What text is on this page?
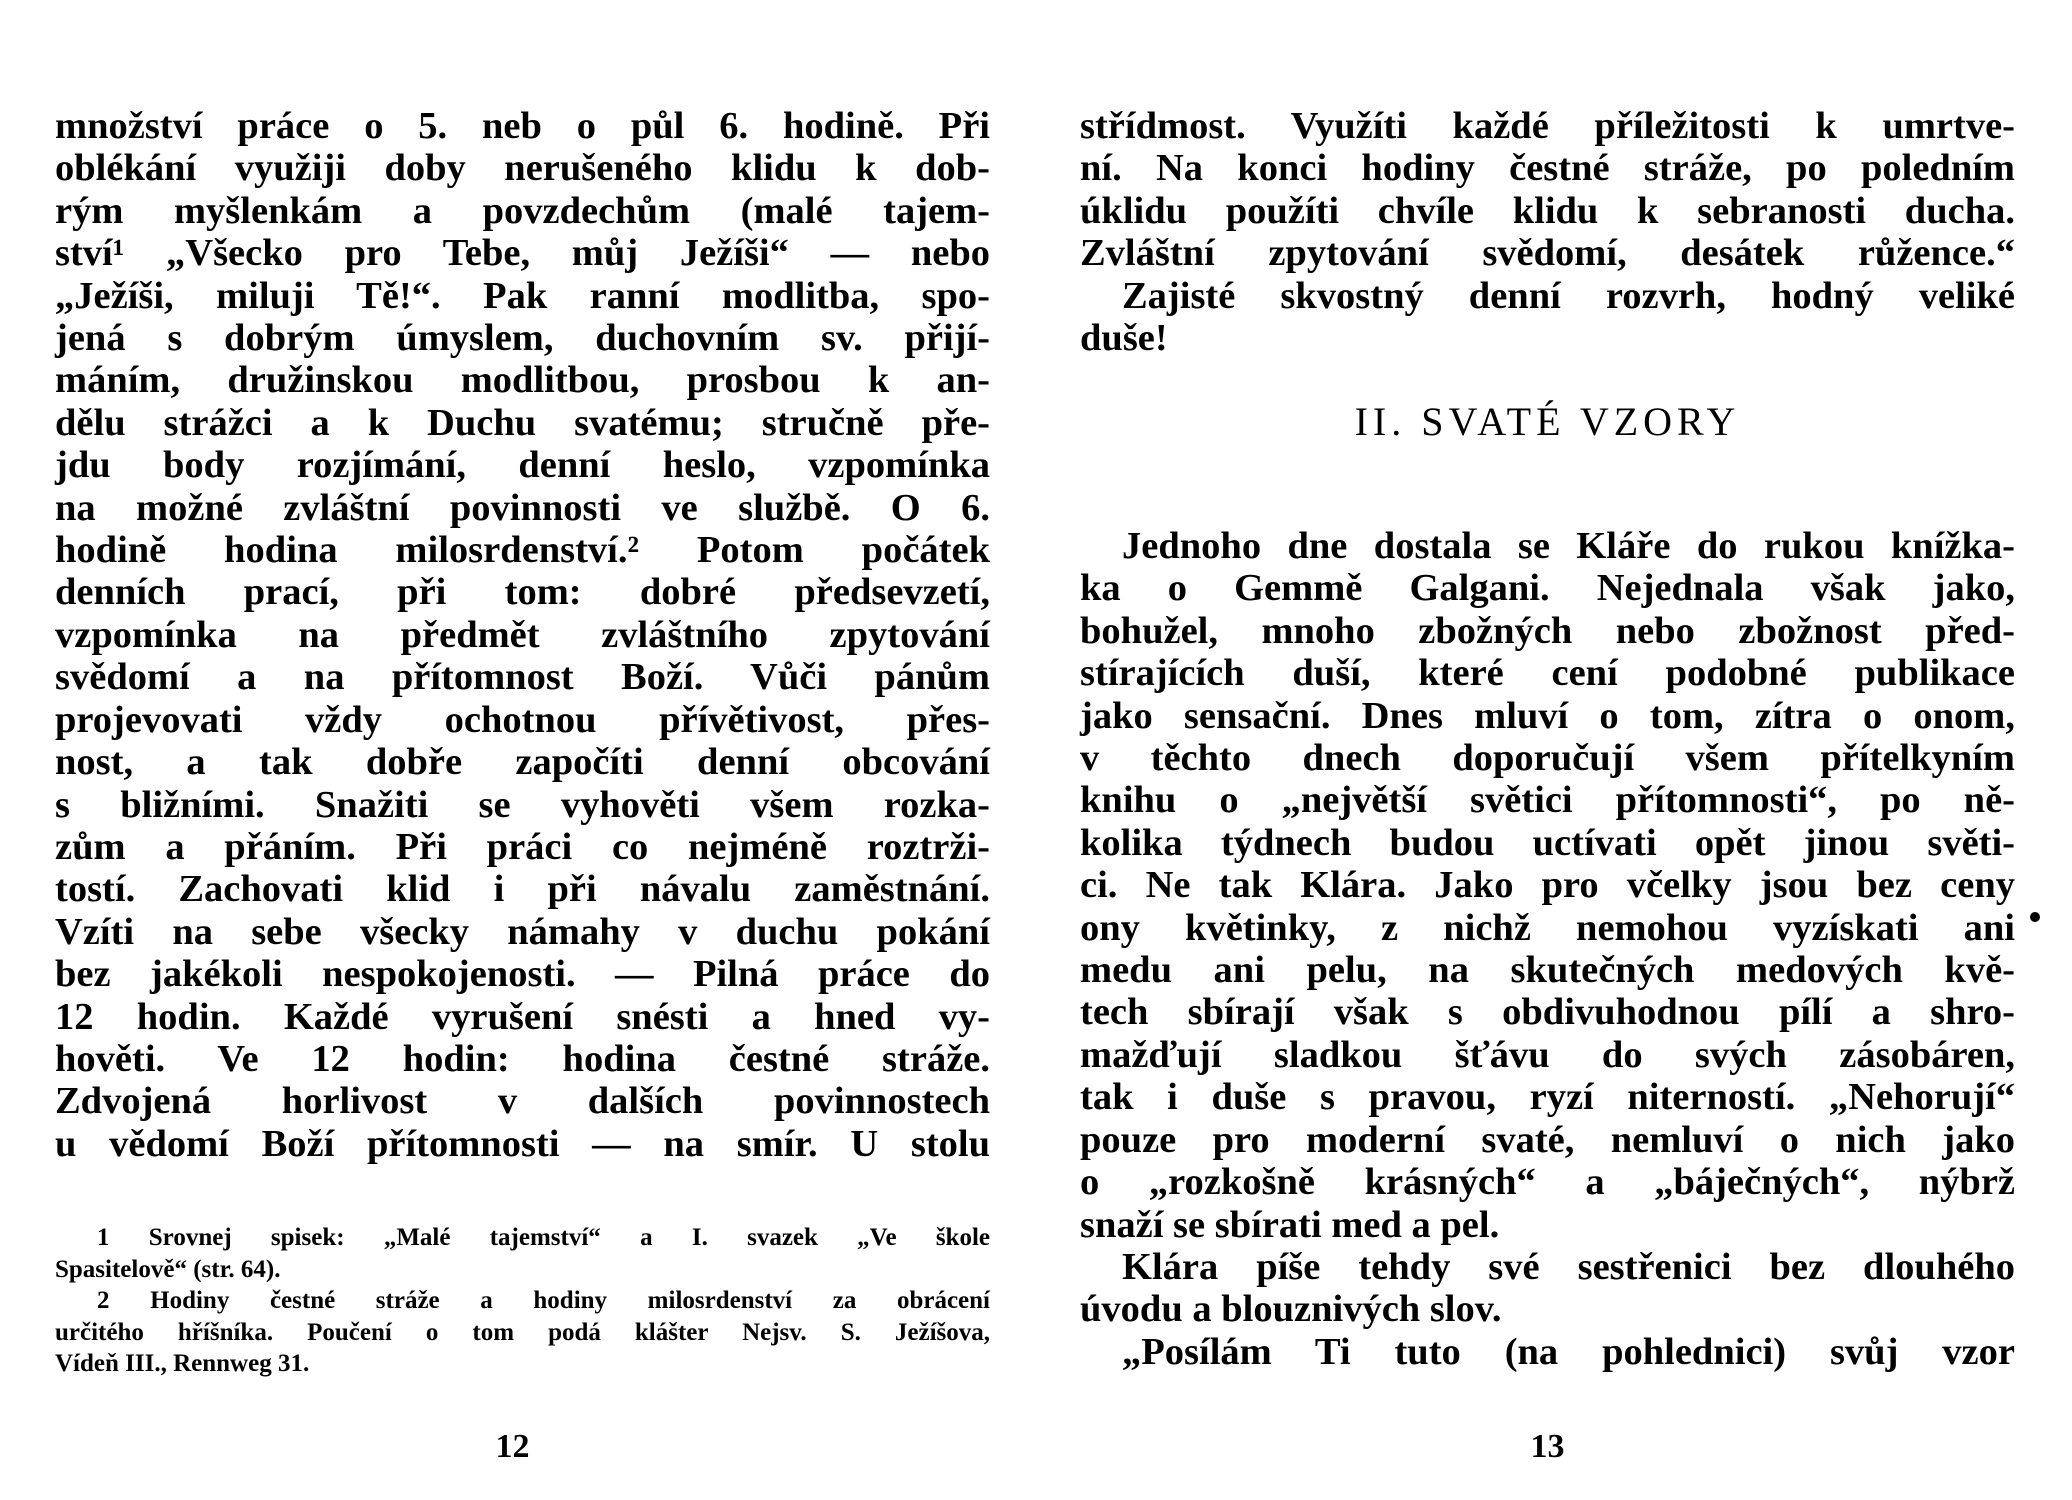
množství práce o 5. neb o půl 6. hodině. Při
oblékání využiji doby nerušeného klidu k dob-
rým myšlenkám a povzdechům (malé tajem-
ství¹ „Všecko pro Tebe, můj Ježíši“ — nebo
„Ježíši, miluji Tě!“. Pak ranní modlitba, spo-
jená s dobrým úmyslem, duchovním sv. přijí-
máním, družinskou modlitbou, prosbou k an-
dělu strážci a k Duchu svatému; stručně pře-
jdu body rozjímání, denní heslo, vzpomínka
na možné zvláštní povinnosti ve službě. O 6.
hodině hodina milosrdenství.² Potom počátek
denních prací, při tom: dobré předsevzetí,
vzpomínka na předmět zvláštního zpytování
svědomí a na přítomnost Boží. Vůči pánům
projevovati vždy ochotnou přívětivost, přes-
nost, a tak dobře započíti denní obcování
s bližními. Snažiti se vyhověti všem rozka-
zům a přáním. Při práci co nejméně roztrži-
tostí. Zachovati klid i při návalu zaměstnání.
Vzíti na sebe všecky námahy v duchu pokání
bez jakékoli nespokojenosti. — Pilná práce do
12 hodin. Každé vyrušení snésti a hned vy-
hověti. Ve 12 hodin: hodina čestné stráže.
Zdvojená horlivost v dalších povinnostech
u vědomí Boží přítomnosti — na smír. U stolu
1 Srovnej spisek: „Malé tajemství“ a I. svazek „Ve škole
Spasitelově“ (str. 64).
2 Hodiny čestné stráže a hodiny milosrdenství za obrácení
určitého hříšníka. Poučení o tom podá klášter Nejsv. S. Ježíšova,
Vídeň III., Rennweg 31.
12
střídmost. Využíti každé příležitosti k umrtve-
ní. Na konci hodiny čestné stráže, po poledním
úklidu použíti chvíle klidu k sebranosti ducha.
Zvláštní zpytování svědomí, desátek růžence.“
Zajisté skvostný denní rozvrh, hodný veliké
duše!
II. SVATÉ VZORY
Jednoho dne dostala se Kláře do rukou knížka-
ka o Gemmě Galgani. Nejednala však jako,
bohužel, mnoho zbožných nebo zbožnost před-
stírajících duší, které cení podobné publikace
jako sensační. Dnes mluví o tom, zítra o onom,
v těchto dnech doporučují všem přítelkyním
knihu o „největší světici přítomnosti“, po ně-
kolika týdnech budou uctívati opět jinou světi-
ci. Ne tak Klára. Jako pro včelky jsou bez ceny
ony květinky, z nichž nemohou vyzískati ani
medu ani pelu, na skutečných medových kvě-
tech sbírají však s obdivuhodnou pílí a shro-
mažďují sladkou šťávu do svých zásobáren,
tak i duše s pravou, ryzí niterností. „Nehorují“
pouze pro moderní svaté, nemluví o nich jako
o „rozkošně krásných“ a „báječných“, nýbrž
snaží se sbírati med a pel.
Klára píše tehdy své sestřenici bez dlouhého
úvodu a blouznivých slov.
„Posílám Ti tuto (na pohlednici) svůj vzor
13
